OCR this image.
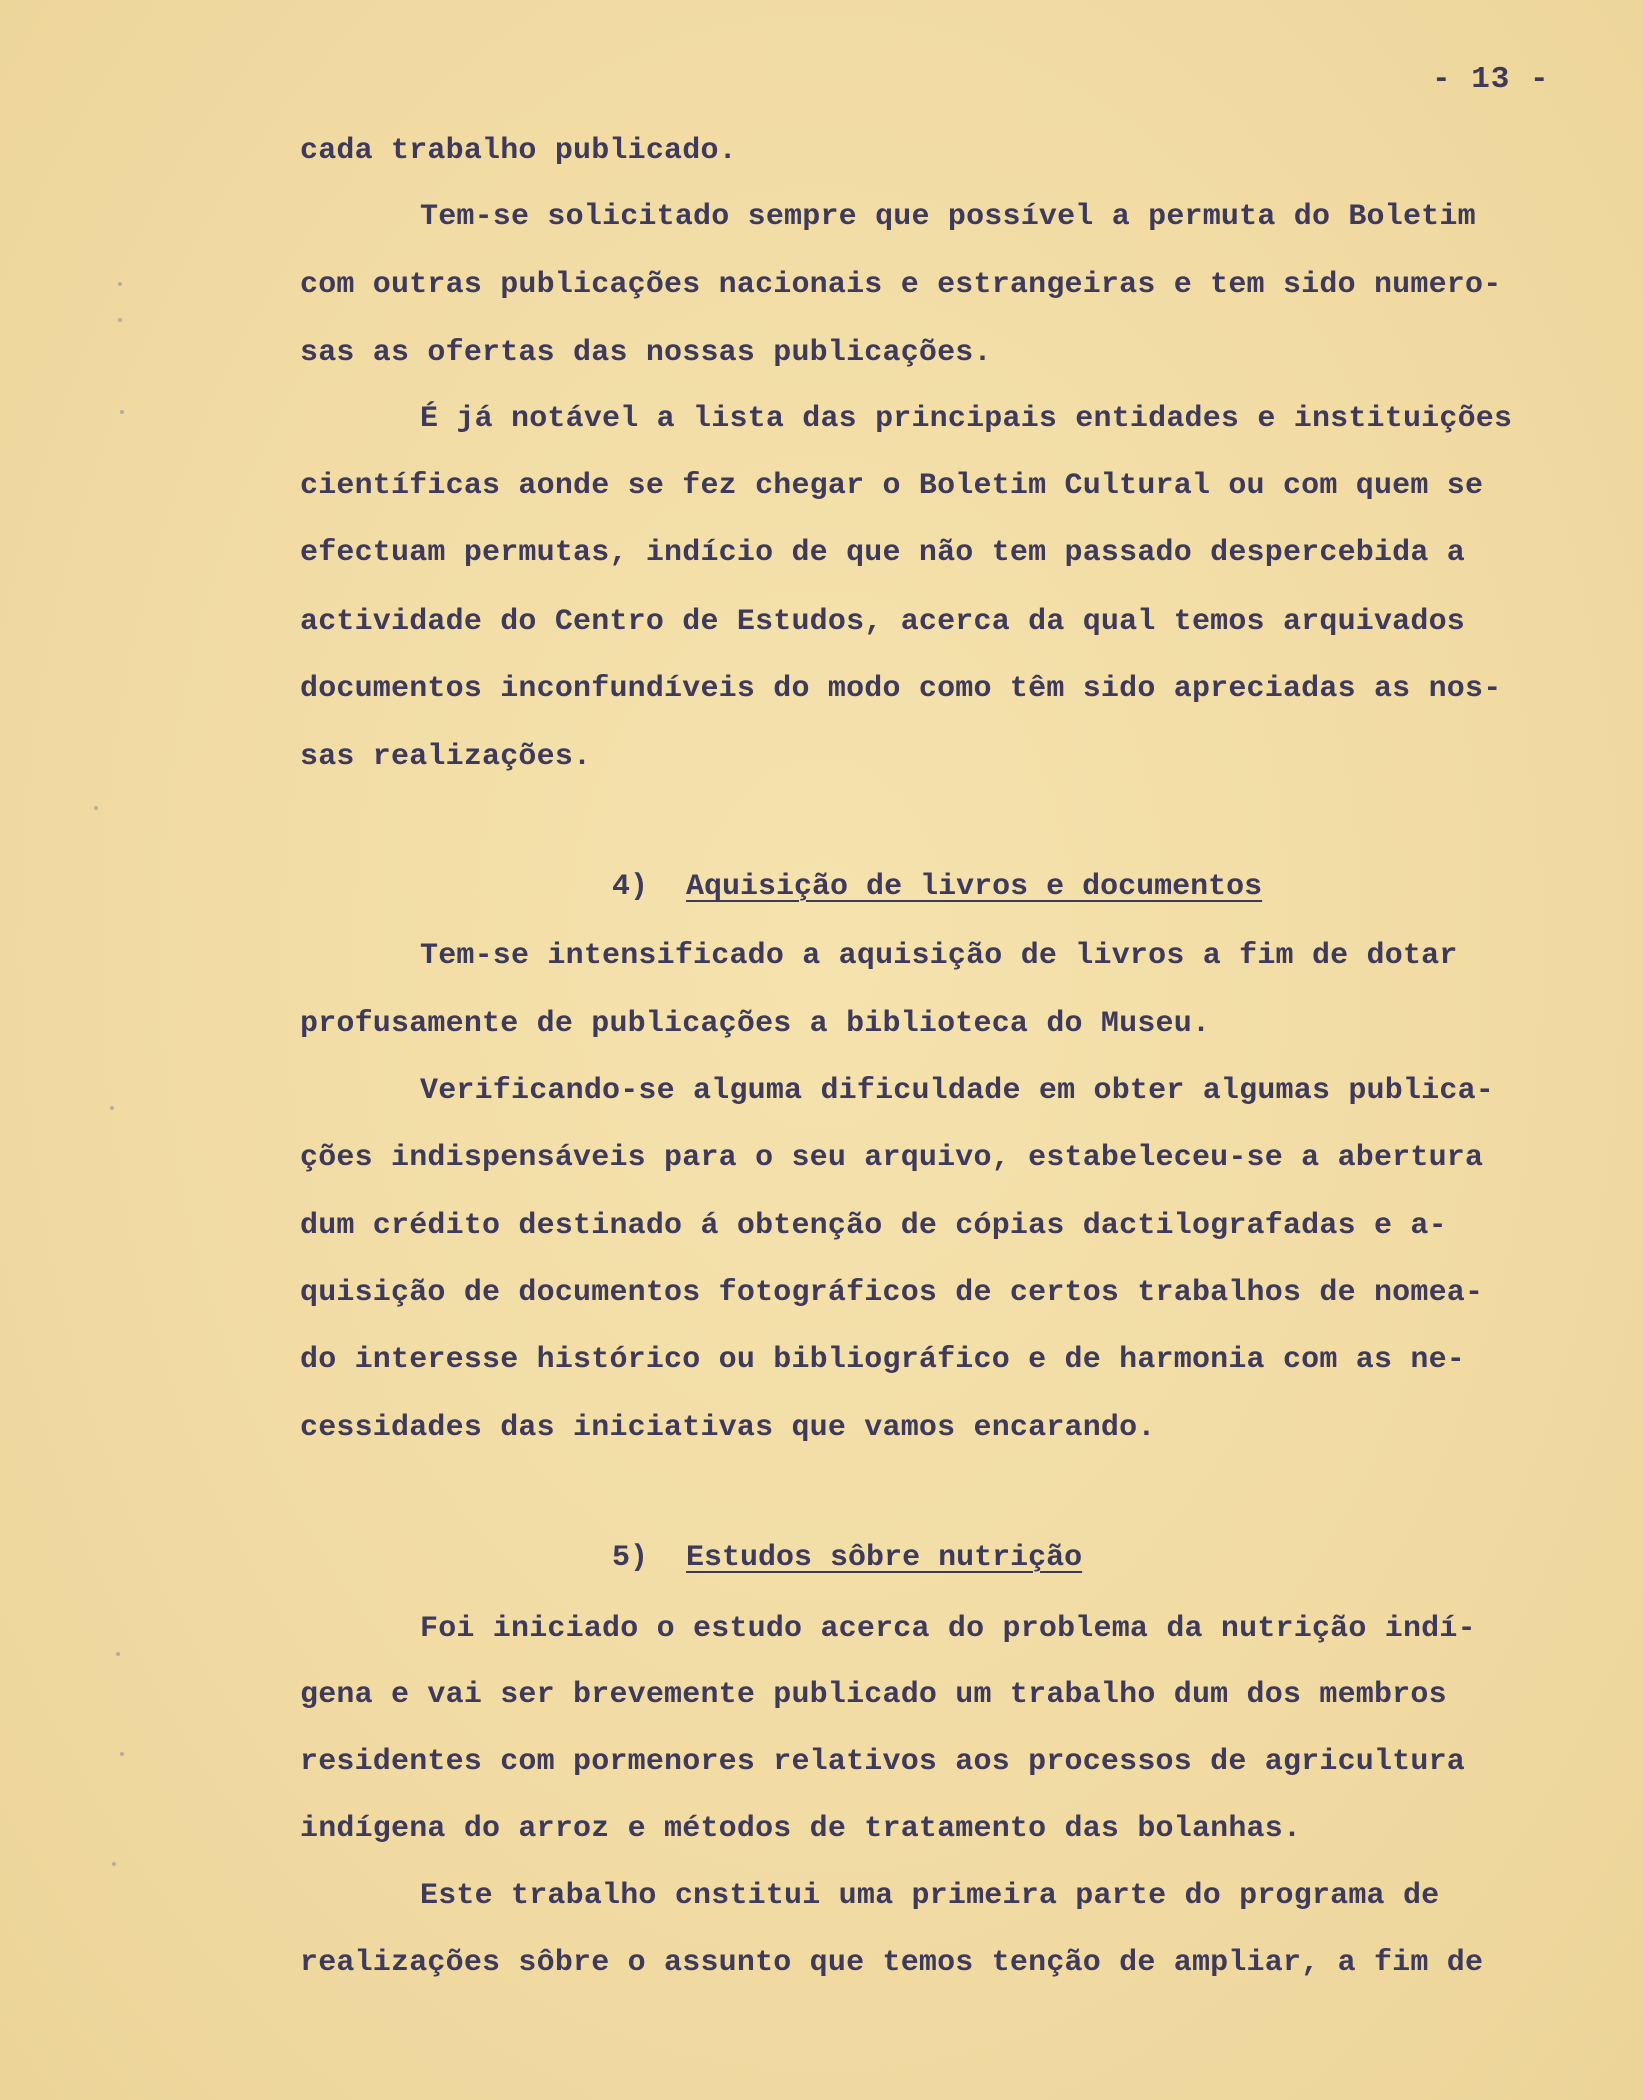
- 13 -
cada trabalho publicado.
Tem-se solicitado sempre que possível a permuta do Boletim
com outras publicações nacionais e estrangeiras e tem sido numero-
sas as ofertas das nossas publicações.
É já notável a lista das principais entidades e instituições
científicas aonde se fez chegar o Boletim Cultural ou com quem se
efectuam permutas, indício de que não tem passado despercebida a
actividade do Centro de Estudos, acerca da qual temos arquivados
documentos inconfundíveis do modo como têm sido apreciadas as nos-
sas realizações.

4) Aquisição de livros e documentos

Tem-se intensificado a aquisição de livros a fim de dotar
profusamente de publicações a biblioteca do Museu.
Verificando-se alguma dificuldade em obter algumas publica-
ções indispensáveis para o seu arquivo, estabeleceu-se a abertura
dum crédito destinado á obtenção de cópias dactilografadas e a-
quisição de documentos fotográficos de certos trabalhos de nomea-
do interesse histórico ou bibliográfico e de harmonia com as ne-
cessidades das iniciativas que vamos encarando.

5) Estudos sôbre nutrição

Foi iniciado o estudo acerca do problema da nutrição indí-
gena e vai ser brevemente publicado um trabalho dum dos membros
residentes com pormenores relativos aos processos de agricultura
indígena do arroz e métodos de tratamento das bolanhas.
Este trabalho cnstitui uma primeira parte do programa de
realizações sôbre o assunto que temos tenção de ampliar, a fim de
